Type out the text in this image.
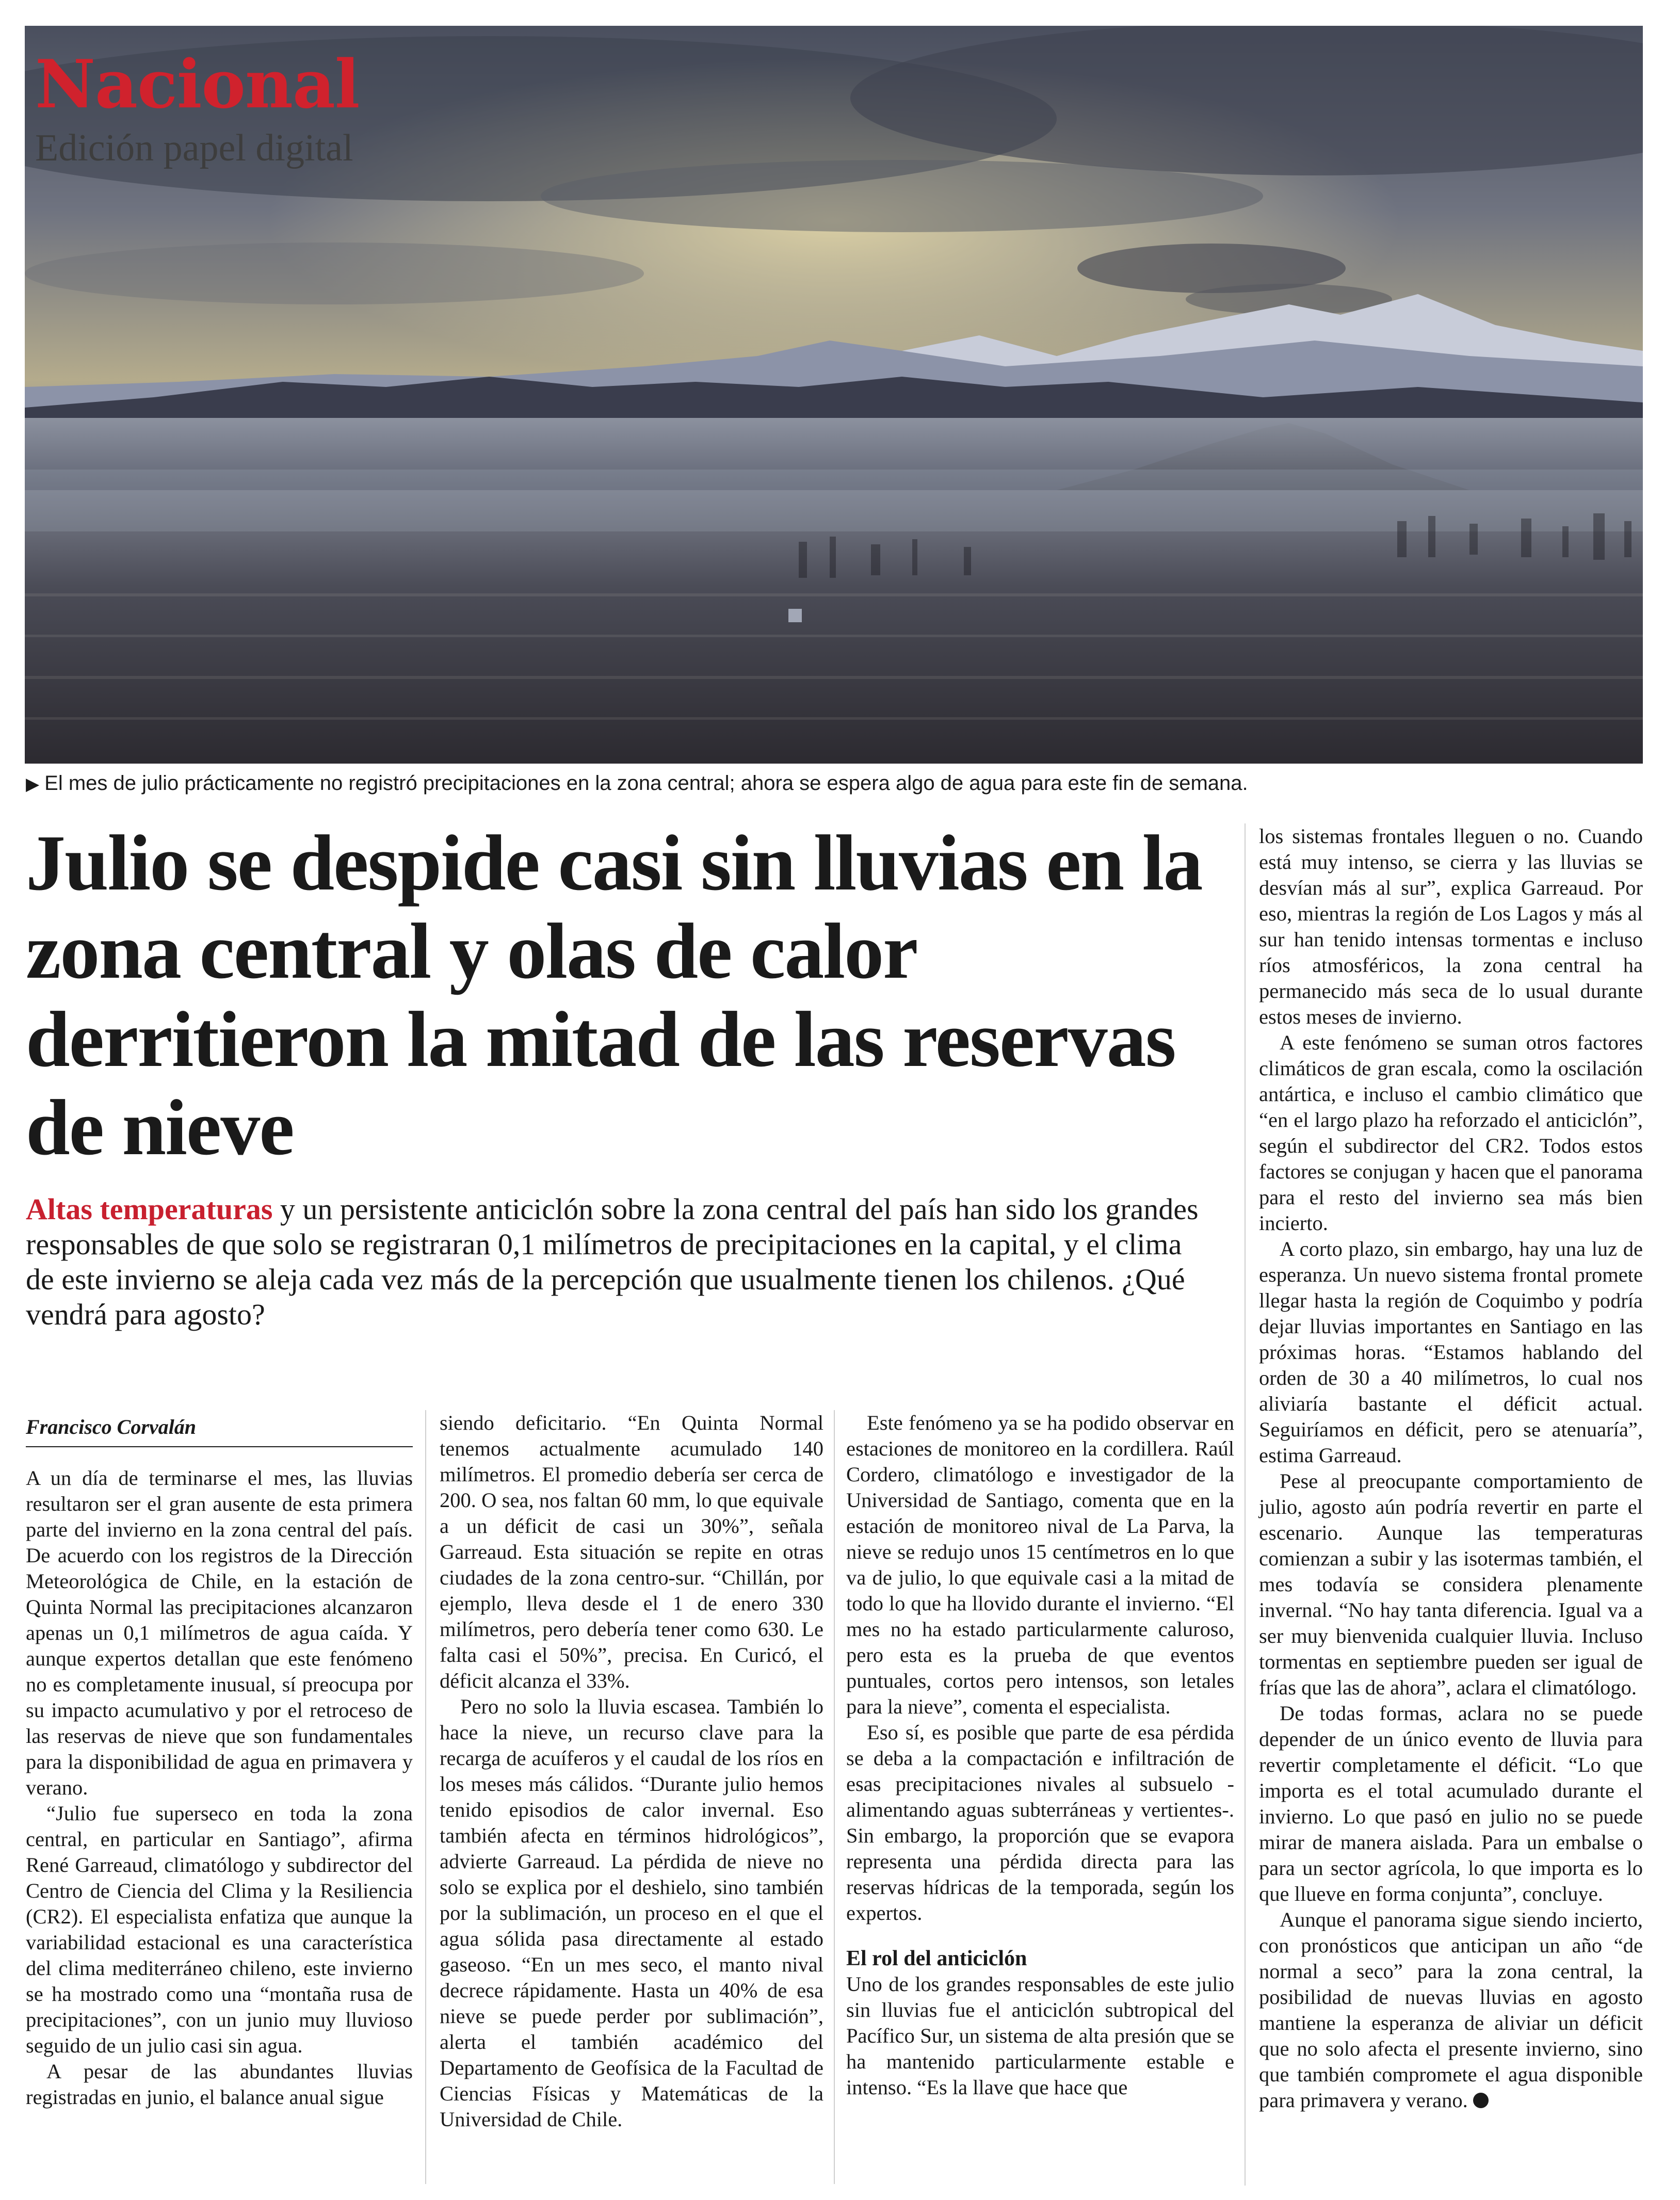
Nacional
Edición papel digital
▶ El mes de julio prácticamente no registró precipitaciones en la zona central; ahora se espera algo de agua para este fin de semana.
Julio se despide casi sin lluvias en la zona central y olas de calor derritieron la mitad de las reservas de nieve

Altas temperaturas y un persistente anticiclón sobre la zona central del país han sido los grandes responsables de que solo se registraran 0,1 milímetros de precipitaciones en la capital, y el clima de este invierno se aleja cada vez más de la percepción que usualmente tienen los chilenos. ¿Qué vendrá para agosto?

Francisco Corvalán

A un día de terminarse el mes, las lluvias resultaron ser el gran ausente de esta primera parte del invierno en la zona central del país. De acuerdo con los registros de la Dirección Meteorológica de Chile, en la estación de Quinta Normal las precipitaciones alcanzaron apenas un 0,1 milímetros de agua caída. Y aunque expertos detallan que este fenómeno no es completamente inusual, sí preocupa por su impacto acumulativo y por el retroceso de las reservas de nieve que son fundamentales para la disponibilidad de agua en primavera y verano.

“Julio fue superseco en toda la zona central, en particular en Santiago”, afirma René Garreaud, climatólogo y subdirector del Centro de Ciencia del Clima y la Resiliencia (CR2). El especialista enfatiza que aunque la variabilidad estacional es una característica del clima mediterráneo chileno, este invierno se ha mostrado como una “montaña rusa de precipitaciones”, con un junio muy lluvioso seguido de un julio casi sin agua.

A pesar de las abundantes lluvias registradas en junio, el balance anual sigue

siendo deficitario. “En Quinta Normal tenemos actualmente acumulado 140 milímetros. El promedio debería ser cerca de 200. O sea, nos faltan 60 mm, lo que equivale a un déficit de casi un 30%”, señala Garreaud. Esta situación se repite en otras ciudades de la zona centro-sur. “Chillán, por ejemplo, lleva desde el 1 de enero 330 milímetros, pero debería tener como 630. Le falta casi el 50%”, precisa. En Curicó, el déficit alcanza el 33%.

Pero no solo la lluvia escasea. También lo hace la nieve, un recurso clave para la recarga de acuíferos y el caudal de los ríos en los meses más cálidos. “Durante julio hemos tenido episodios de calor invernal. Eso también afecta en términos hidrológicos”, advierte Garreaud. La pérdida de nieve no solo se explica por el deshielo, sino también por la sublimación, un proceso en el que el agua sólida pasa directamente al estado gaseoso. “En un mes seco, el manto nival decrece rápidamente. Hasta un 40% de esa nieve se puede perder por sublimación”, alerta el también académico del Departamento de Geofísica de la Facultad de Ciencias Físicas y Matemáticas de la Universidad de Chile.

Este fenómeno ya se ha podido observar en estaciones de monitoreo en la cordillera. Raúl Cordero, climatólogo e investigador de la Universidad de Santiago, comenta que en la estación de monitoreo nival de La Parva, la nieve se redujo unos 15 centímetros en lo que va de julio, lo que equivale casi a la mitad de todo lo que ha llovido durante el invierno. “El mes no ha estado particularmente caluroso, pero esta es la prueba de que eventos puntuales, cortos pero intensos, son letales para la nieve”, comenta el especialista.

Eso sí, es posible que parte de esa pérdida se deba a la compactación e infiltración de esas precipitaciones nivales al subsuelo -alimentando aguas subterráneas y vertientes-. Sin embargo, la proporción que se evapora representa una pérdida directa para las reservas hídricas de la temporada, según los expertos.

El rol del anticiclón

Uno de los grandes responsables de este julio sin lluvias fue el anticiclón subtropical del Pacífico Sur, un sistema de alta presión que se ha mantenido particularmente estable e intenso. “Es la llave que hace que

los sistemas frontales lleguen o no. Cuando está muy intenso, se cierra y las lluvias se desvían más al sur”, explica Garreaud. Por eso, mientras la región de Los Lagos y más al sur han tenido intensas tormentas e incluso ríos atmosféricos, la zona central ha permanecido más seca de lo usual durante estos meses de invierno.

A este fenómeno se suman otros factores climáticos de gran escala, como la oscilación antártica, e incluso el cambio climático que “en el largo plazo ha reforzado el anticiclón”, según el subdirector del CR2. Todos estos factores se conjugan y hacen que el panorama para el resto del invierno sea más bien incierto.

A corto plazo, sin embargo, hay una luz de esperanza. Un nuevo sistema frontal promete llegar hasta la región de Coquimbo y podría dejar lluvias importantes en Santiago en las próximas horas. “Estamos hablando del orden de 30 a 40 milímetros, lo cual nos aliviaría bastante el déficit actual. Seguiríamos en déficit, pero se atenuaría”, estima Garreaud.

Pese al preocupante comportamiento de julio, agosto aún podría revertir en parte el escenario. Aunque las temperaturas comienzan a subir y las isotermas también, el mes todavía se considera plenamente invernal. “No hay tanta diferencia. Igual va a ser muy bienvenida cualquier lluvia. Incluso tormentas en septiembre pueden ser igual de frías que las de ahora”, aclara el climatólogo.

De todas formas, aclara no se puede depender de un único evento de lluvia para revertir completamente el déficit. “Lo que importa es el total acumulado durante el invierno. Lo que pasó en julio no se puede mirar de manera aislada. Para un embalse o para un sector agrícola, lo que importa es lo que llueve en forma conjunta”, concluye.

Aunque el panorama sigue siendo incierto, con pronósticos que anticipan un año “de normal a seco” para la zona central, la posibilidad de nuevas lluvias en agosto mantiene la esperanza de aliviar un déficit que no solo afecta el presente invierno, sino que también compromete el agua disponible para primavera y verano.
